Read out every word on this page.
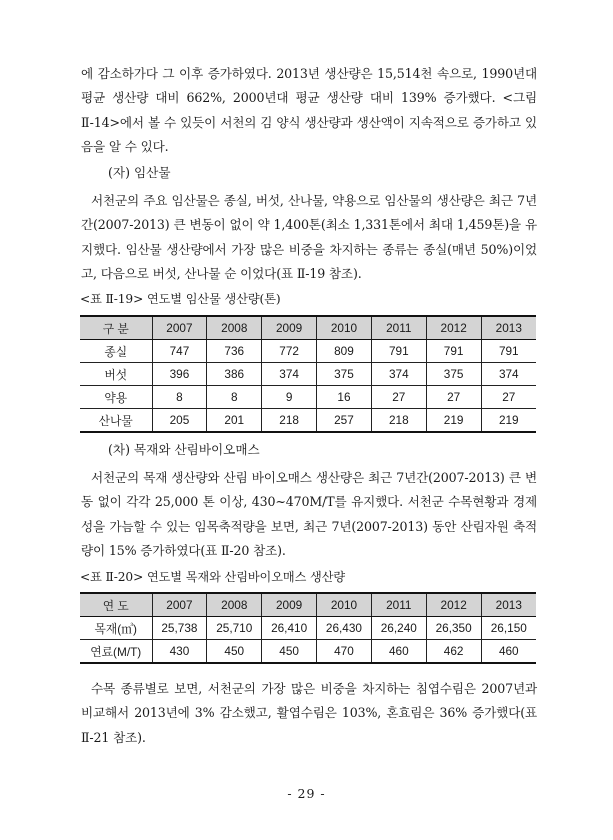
에 감소하가다 그 이후 증가하였다. 2013년 생산량은 15,514천 속으로, 1990년대 평균 생산량 대비 662%, 2000년대 평균 생산량 대비 139% 증가했다. <그림 Ⅱ-14>에서 볼 수 있듯이 서천의 김 양식 생산량과 생산액이 지속적으로 증가하고 있음을 알 수 있다.

(자) 임산물

서천군의 주요 임산물은 종실, 버섯, 산나물, 약용으로 임산물의 생산량은 최근 7년간(2007-2013) 큰 변동이 없이 약 1,400톤(최소 1,331톤에서 최대 1,459톤)을 유지했다. 임산물 생산량에서 가장 많은 비중을 차지하는 종류는 종실(매년 50%)이었고, 다음으로 버섯, 산나물 순 이었다(표 Ⅱ-19 참조).

<표 Ⅱ-19> 연도별 임산물 생산량(톤)
구 분	2007	2008	2009	2010	2011	2012	2013
종실	747	736	772	809	791	791	791
버섯	396	386	374	375	374	375	374
약용	8	8	9	16	27	27	27
산나물	205	201	218	257	218	219	219
(차) 목재와 산림바이오매스

서천군의 목재 생산량와 산림 바이오매스 생산량은 최근 7년간(2007-2013) 큰 변동 없이 각각 25,000 톤 이상, 430~470M/T를 유지했다. 서천군 수목현황과 경제성을 가늠할 수 있는 임목축적량을 보면, 최근 7년(2007-2013) 동안 산림자원 축적량이 15% 증가하였다(표 Ⅱ-20 참조).

<표 Ⅱ-20> 연도별 목재와 산림바이오매스 생산량
연 도	2007	2008	2009	2010	2011	2012	2013
목재(㎥)	25,738	25,710	26,410	26,430	26,240	26,350	26,150
연료(M/T)	430	450	450	470	460	462	460

수목 종류별로 보면, 서천군의 가장 많은 비중을 차지하는 침엽수림은 2007년과 비교해서 2013년에 3% 감소했고, 활엽수림은 103%, 혼효림은 36% 증가했다(표 Ⅱ-21 참조).

- 29 -
